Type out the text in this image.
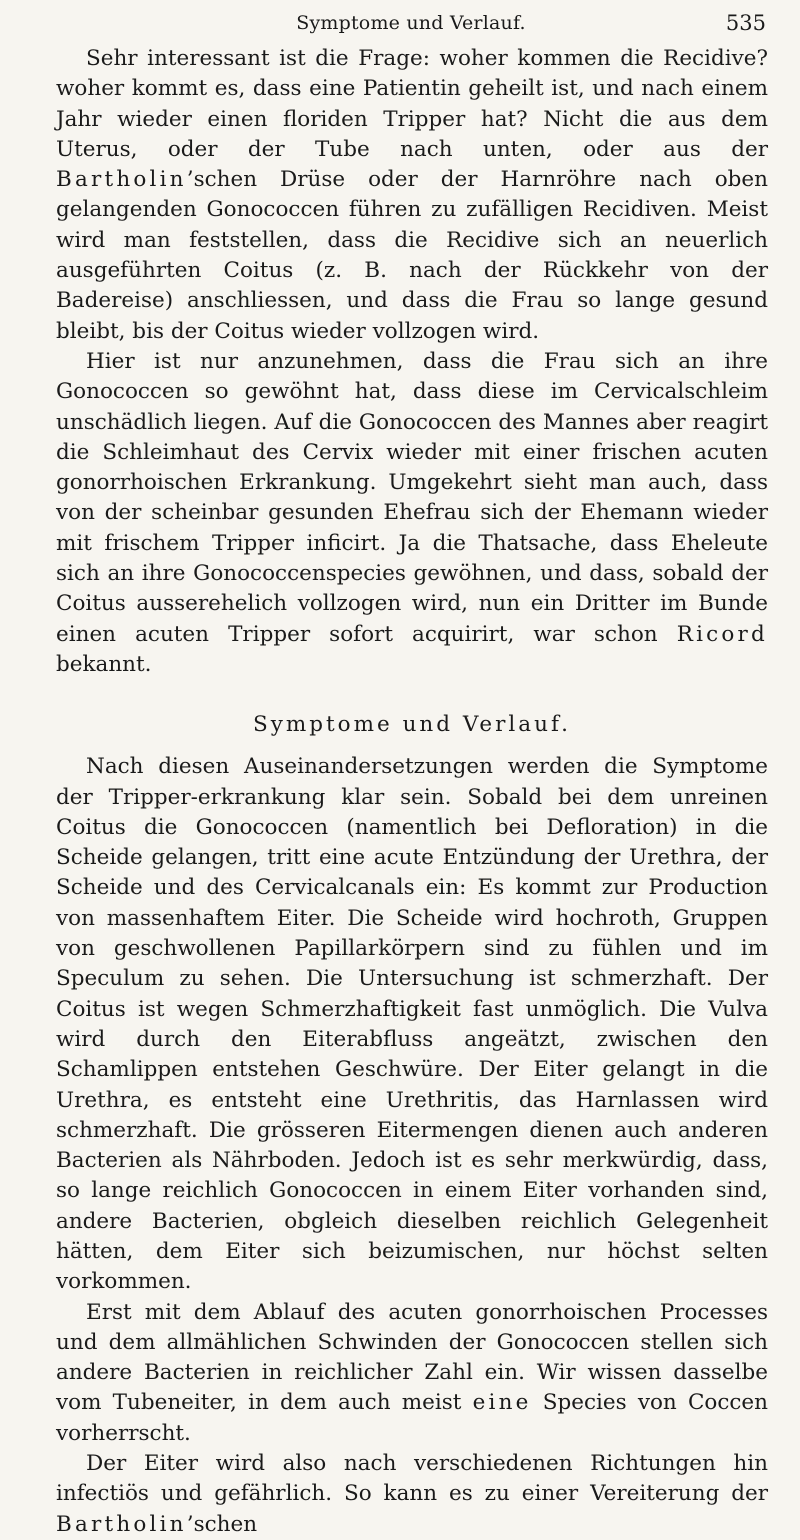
Symptome und Verlauf.	535

Sehr interessant ist die Frage: woher kommen die Recidive? woher kommt es, dass eine Patientin geheilt ist, und nach einem Jahr wieder einen floriden Tripper hat? Nicht die aus dem Uterus, oder der Tube nach unten, oder aus der Bartholin’schen Drüse oder der Harnröhre nach oben gelangenden Gonococcen führen zu zufälligen Recidiven. Meist wird man feststellen, dass die Recidive sich an neuerlich ausgeführten Coitus (z. B. nach der Rückkehr von der Badereise) anschliessen, und dass die Frau so lange gesund bleibt, bis der Coitus wieder vollzogen wird.

Hier ist nur anzunehmen, dass die Frau sich an ihre Gonococcen so gewöhnt hat, dass diese im Cervicalschleim unschädlich liegen. Auf die Gonococcen des Mannes aber reagirt die Schleimhaut des Cervix wieder mit einer frischen acuten gonorrhoischen Erkrankung. Umgekehrt sieht man auch, dass von der scheinbar gesunden Ehefrau sich der Ehemann wieder mit frischem Tripper inficirt. Ja die Thatsache, dass Eheleute sich an ihre Gonococcenspecies gewöhnen, und dass, sobald der Coitus ausserehelich vollzogen wird, nun ein Dritter im Bunde einen acuten Tripper sofort acquirirt, war schon Ricord bekannt.

Symptome und Verlauf.

Nach diesen Auseinandersetzungen werden die Symptome der Tripper-erkrankung klar sein. Sobald bei dem unreinen Coitus die Gonococcen (namentlich bei Defloration) in die Scheide gelangen, tritt eine acute Entzündung der Urethra, der Scheide und des Cervicalcanals ein: Es kommt zur Production von massenhaftem Eiter. Die Scheide wird hochroth, Gruppen von geschwollenen Papillarkörpern sind zu fühlen und im Speculum zu sehen. Die Untersuchung ist schmerzhaft. Der Coitus ist wegen Schmerzhaftigkeit fast unmöglich. Die Vulva wird durch den Eiterabfluss angeätzt, zwischen den Schamlippen entstehen Geschwüre. Der Eiter gelangt in die Urethra, es entsteht eine Urethritis, das Harnlassen wird schmerzhaft. Die grösseren Eitermengen dienen auch anderen Bacterien als Nährboden. Jedoch ist es sehr merkwürdig, dass, so lange reichlich Gonococcen in einem Eiter vorhanden sind, andere Bacterien, obgleich dieselben reichlich Gelegenheit hätten, dem Eiter sich beizumischen, nur höchst selten vorkommen.

Erst mit dem Ablauf des acuten gonorrhoischen Processes und dem allmählichen Schwinden der Gonococcen stellen sich andere Bacterien in reichlicher Zahl ein. Wir wissen dasselbe vom Tubeneiter, in dem auch meist eine Species von Coccen vorherrscht.

Der Eiter wird also nach verschiedenen Richtungen hin infectiös und gefährlich. So kann es zu einer Vereiterung der Bartholin’schen
